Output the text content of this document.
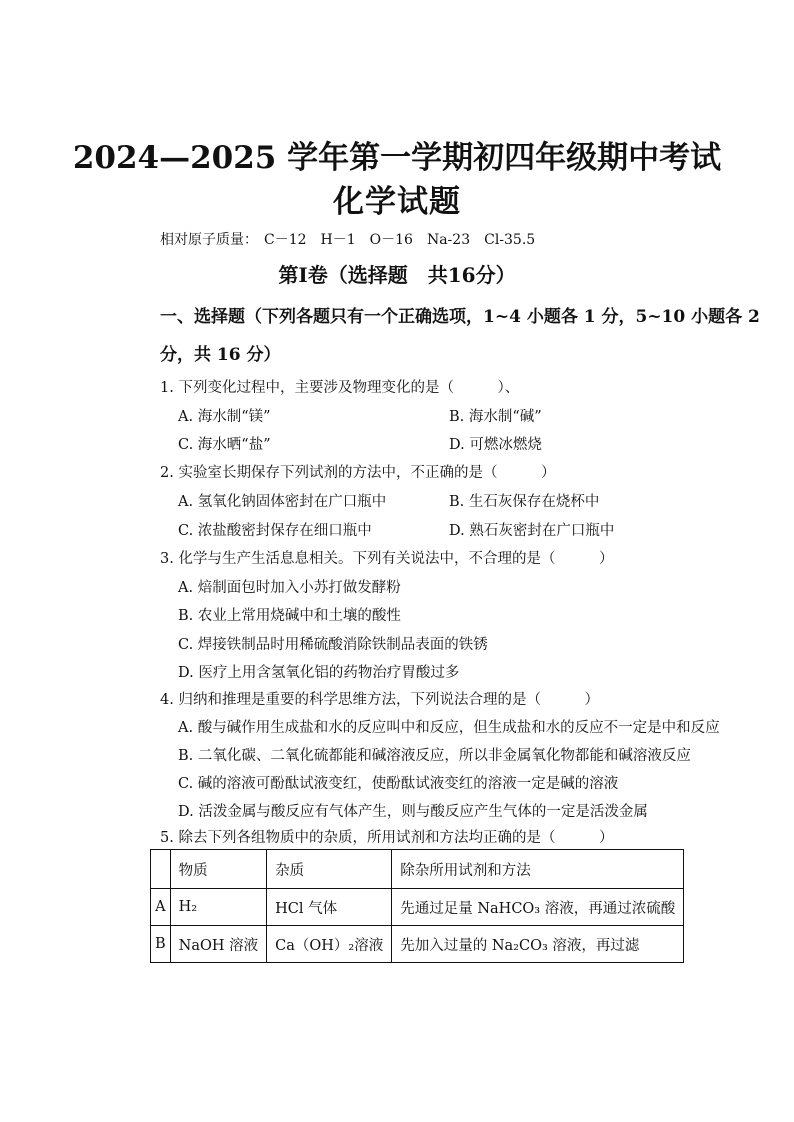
2024—2025 学年第一学期初四年级期中考试
化学试题
相对原子质量： C－12 H－1 O－16 Na-23 Cl-35.5
第Ⅰ卷（选择题　共16分）
一、选择题（下列各题只有一个正确选项，1~4 小题各 1 分，5~10 小题各 2 分，共 16 分）
1. 下列变化过程中，主要涉及物理变化的是（　　　）、
A. 海水制“镁”	B. 海水制“碱”
C. 海水晒“盐”	D. 可燃冰燃烧
2. 实验室长期保存下列试剂的方法中，不正确的是（　　　）
A. 氢氧化钠固体密封在广口瓶中	B. 生石灰保存在烧杯中
C. 浓盐酸密封保存在细口瓶中	D. 熟石灰密封在广口瓶中
3. 化学与生产生活息息相关。下列有关说法中，不合理的是（　　　）
A. 焙制面包时加入小苏打做发酵粉
B. 农业上常用烧碱中和土壤的酸性
C. 焊接铁制品时用稀硫酸消除铁制品表面的铁锈
D. 医疗上用含氢氧化铝的药物治疗胃酸过多
4. 归纳和推理是重要的科学思维方法，下列说法合理的是（　　　）
A. 酸与碱作用生成盐和水的反应叫中和反应，但生成盐和水的反应不一定是中和反应
B. 二氧化碳、二氧化硫都能和碱溶液反应，所以非金属氧化物都能和碱溶液反应
C. 碱的溶液可酚酞试液变红，使酚酞试液变红的溶液一定是碱的溶液
D. 活泼金属与酸反应有气体产生，则与酸反应产生气体的一定是活泼金属
5. 除去下列各组物质中的杂质，所用试剂和方法均正确的是（　　　）
	物质	杂质	除杂所用试剂和方法
A	H₂	HCl 气体	先通过足量 NaHCO₃ 溶液，再通过浓硫酸
B	NaOH 溶液	Ca（OH）₂溶液	先加入过量的 Na₂CO₃ 溶液，再过滤
